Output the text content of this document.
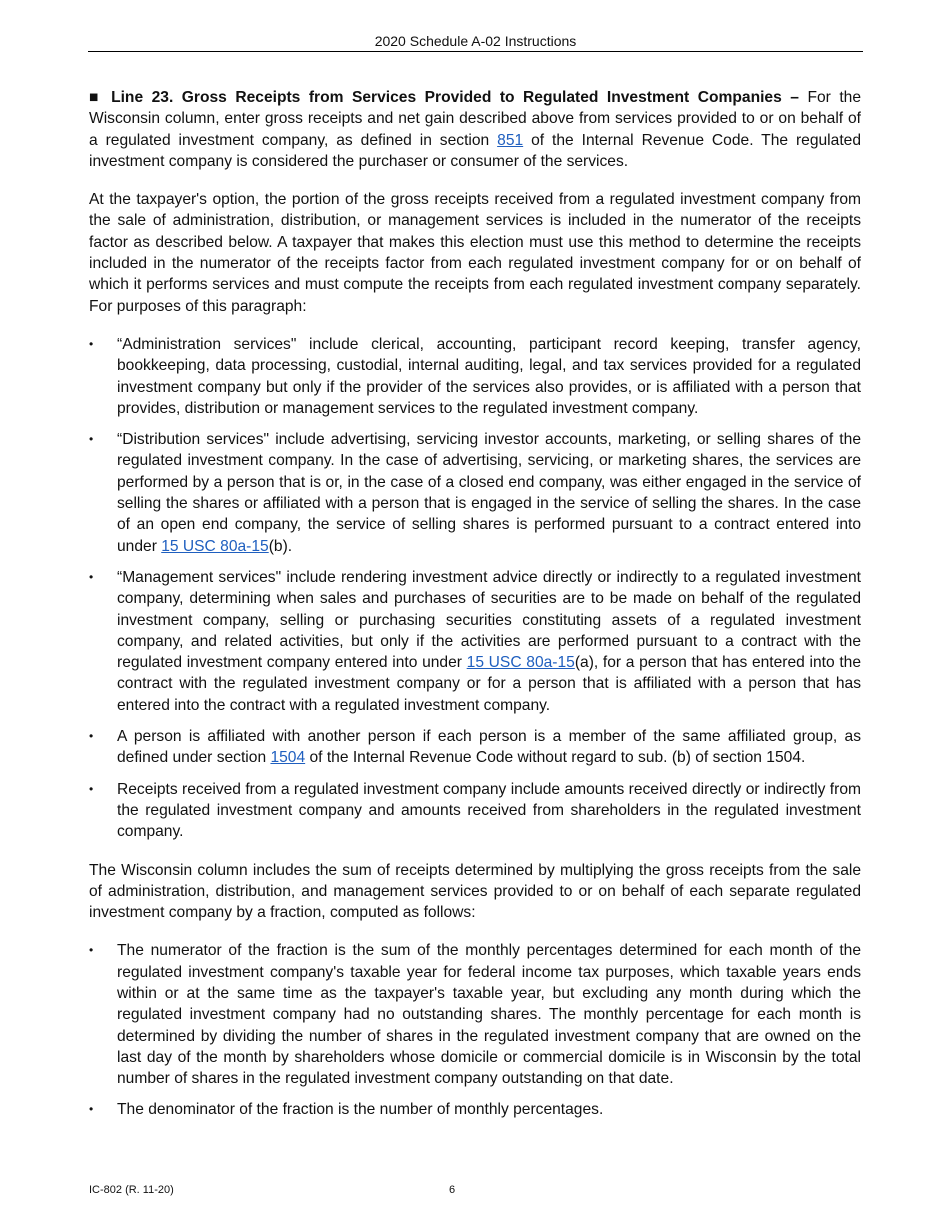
2020 Schedule A-02 Instructions

■ Line 23. Gross Receipts from Services Provided to Regulated Investment Companies – For the Wisconsin column, enter gross receipts and net gain described above from services provided to or on behalf of a regulated investment company, as defined in section 851 of the Internal Revenue Code. The regulated investment company is considered the purchaser or consumer of the services.

At the taxpayer's option, the portion of the gross receipts received from a regulated investment company from the sale of administration, distribution, or management services is included in the numerator of the receipts factor as described below. A taxpayer that makes this election must use this method to determine the receipts included in the numerator of the receipts factor from each regulated investment company for or on behalf of which it performs services and must compute the receipts from each regulated investment company separately. For purposes of this paragraph:

• “Administration services" include clerical, accounting, participant record keeping, transfer agency, bookkeeping, data processing, custodial, internal auditing, legal, and tax services provided for a regulated investment company but only if the provider of the services also provides, or is affiliated with a person that provides, distribution or management services to the regulated investment company.
• “Distribution services" include advertising, servicing investor accounts, marketing, or selling shares of the regulated investment company. In the case of advertising, servicing, or marketing shares, the services are performed by a person that is or, in the case of a closed end company, was either engaged in the service of selling the shares or affiliated with a person that is engaged in the service of selling the shares. In the case of an open end company, the service of selling shares is performed pursuant to a contract entered into under 15 USC 80a-15(b).
• “Management services" include rendering investment advice directly or indirectly to a regulated investment company, determining when sales and purchases of securities are to be made on behalf of the regulated investment company, selling or purchasing securities constituting assets of a regulated investment company, and related activities, but only if the activities are performed pursuant to a contract with the regulated investment company entered into under 15 USC 80a-15(a), for a person that has entered into the contract with the regulated investment company or for a person that is affiliated with a person that has entered into the contract with a regulated investment company.
• A person is affiliated with another person if each person is a member of the same affiliated group, as defined under section 1504 of the Internal Revenue Code without regard to sub. (b) of section 1504.
• Receipts received from a regulated investment company include amounts received directly or indirectly from the regulated investment company and amounts received from shareholders in the regulated investment company.

The Wisconsin column includes the sum of receipts determined by multiplying the gross receipts from the sale of administration, distribution, and management services provided to or on behalf of each separate regulated investment company by a fraction, computed as follows:

• The numerator of the fraction is the sum of the monthly percentages determined for each month of the regulated investment company's taxable year for federal income tax purposes, which taxable years ends within or at the same time as the taxpayer's taxable year, but excluding any month during which the regulated investment company had no outstanding shares. The monthly percentage for each month is determined by dividing the number of shares in the regulated investment company that are owned on the last day of the month by shareholders whose domicile or commercial domicile is in Wisconsin by the total number of shares in the regulated investment company outstanding on that date.
• The denominator of the fraction is the number of monthly percentages.
IC-802 (R. 11-20)	6
